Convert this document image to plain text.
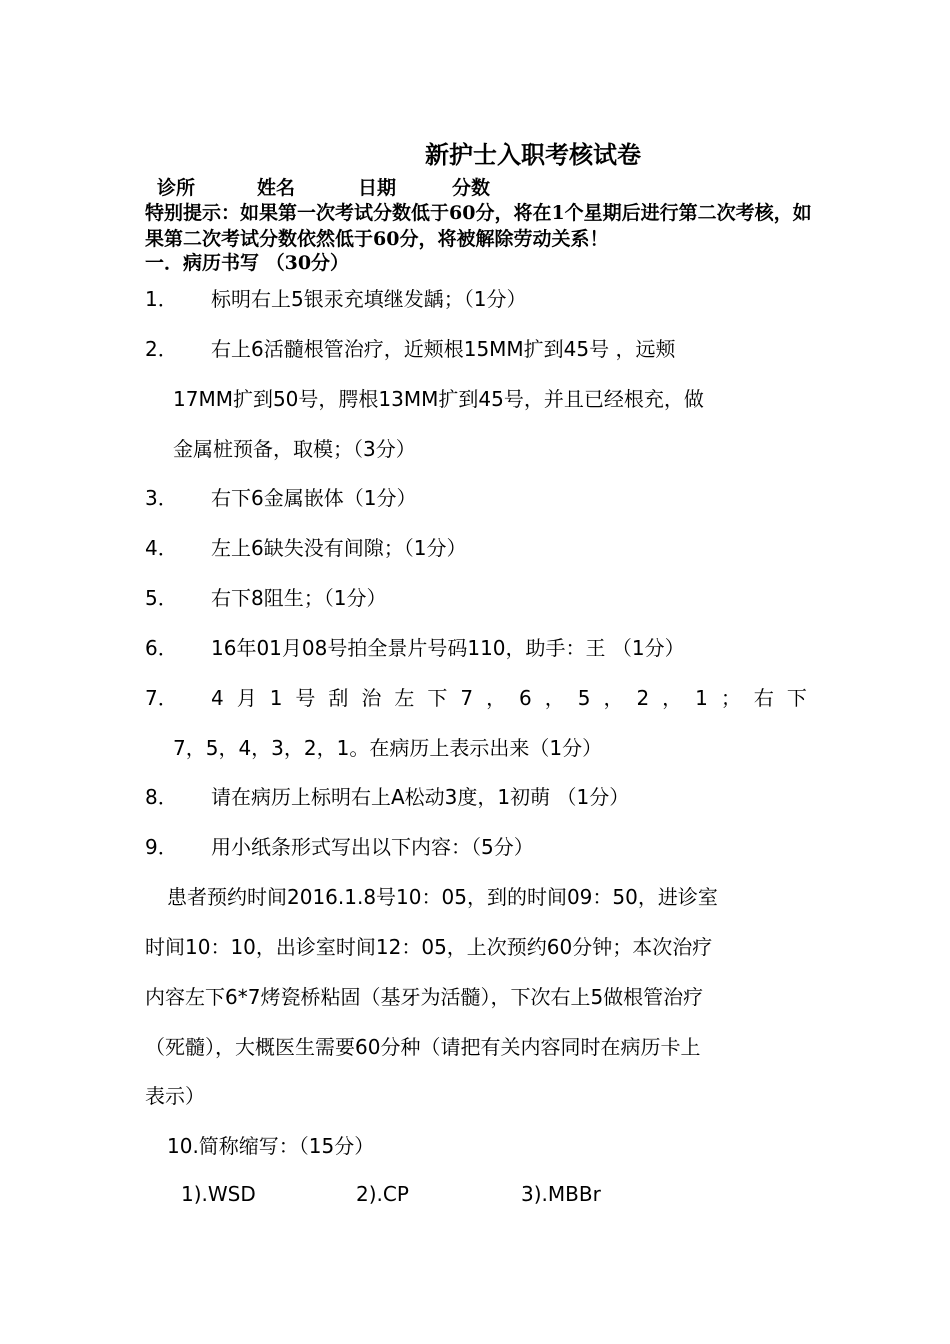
新护士入职考核试卷
诊所	姓名	日期	分数
特别提示：如果第一次考试分数低于60分，将在1个星期后进行第二次考核，如果第二次考试分数依然低于60分，将被解除劳动关系！
一．病历书写 （30分）
1． 标明右上5银汞充填继发龋；（1分）
2． 右上6活髓根管治疗，近颊根15MM扩到45号 ，远颊
17MM扩到50号，腭根13MM扩到45号，并且已经根充，做
金属桩预备，取模；（3分）
3． 右下6金属嵌体（1分）
4． 左上6缺失没有间隙；（1分）
5． 右下8阻生；（1分）
6． 16年01月08号拍全景片号码110，助手：王 （1分）
7． 4 月 1 号 刮 治 左 下 7 ， 6 ， 5 ， 2 ， 1 ； 右 下
7，5，4，3，2，1。在病历上表示出来（1分）
8． 请在病历上标明右上A松动3度，1初萌 （1分）
9． 用小纸条形式写出以下内容：（5分）
患者预约时间2016.1.8号10：05，到的时间09：50，进诊室
时间10：10，出诊室时间12：05，上次预约60分钟；本次治疗
内容左下6*7烤瓷桥粘固（基牙为活髓），下次右上5做根管治疗
（死髓），大概医生需要60分种（请把有关内容同时在病历卡上
表示）
10.简称缩写：（15分）
1).WSD	2).CP	3).MBBr
